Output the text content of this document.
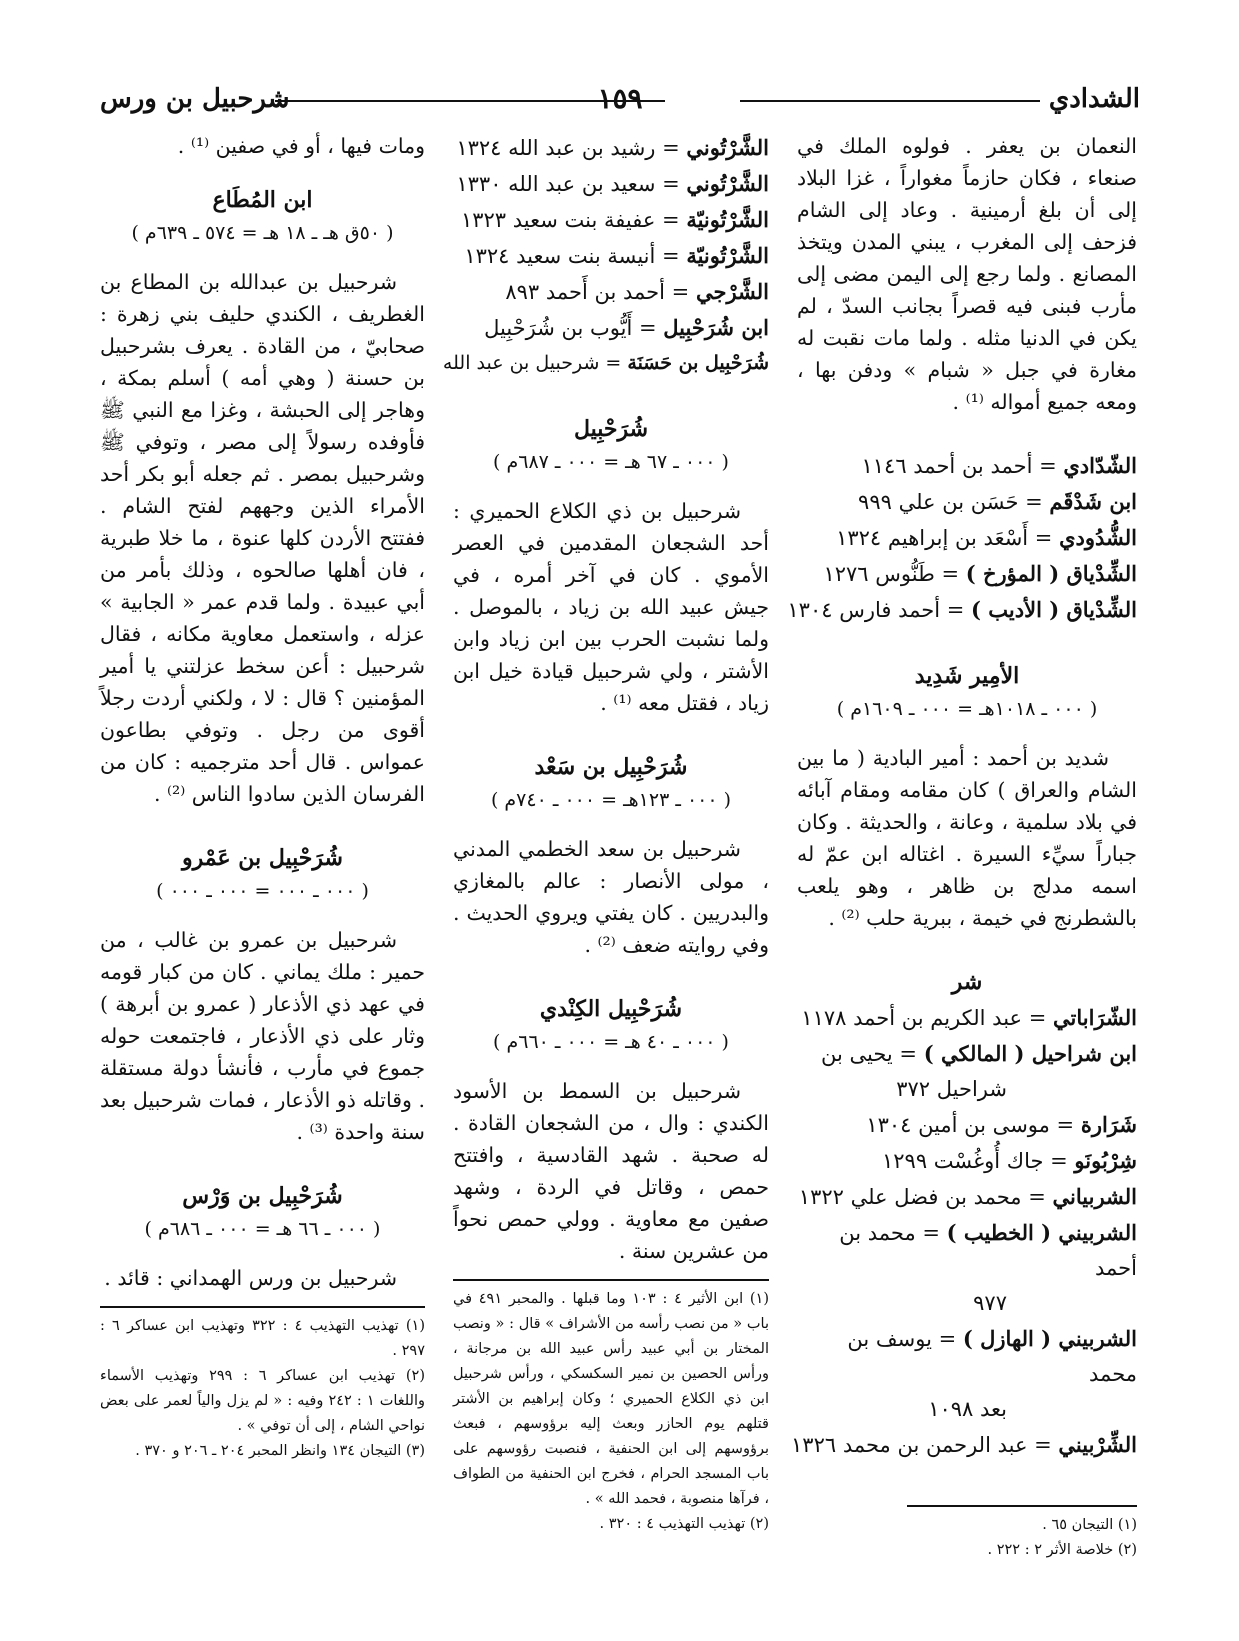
الشدادي
١٥٩
شرحبيل بن ورس

النعمان بن يعفر . فولوه الملك في صنعاء ، فكان حازماً مغواراً ، غزا البلاد إلى أن بلغ أرمينية . وعاد إلى الشام فزحف إلى المغرب ، يبني المدن ويتخذ المصانع . ولما رجع إلى اليمن مضى إلى مأرب فبنى فيه قصراً بجانب السدّ ، لم يكن في الدنيا مثله . ولما مات نقبت له مغارة في جبل « شبام » ودفن بها ، ومعه جميع أمواله ⁽¹⁾ .

الشّدّادي = أحمد بن أحمد ١١٤٦

ابن شَدْقَم = حَسَن بن علي ٩٩٩

الشُّدُودي = أَسْعَد بن إبراهيم ١٣٢٤

الشِّدْياق ( المؤرخ ) = طَنُّوس ١٢٧٦

الشِّدْياق ( الأديب ) = أحمد فارس ١٣٠٤

الأمِير شَدِيد

( ٠٠٠ ـ ١٠١٨هـ = ٠٠٠ ـ ١٦٠٩م )

شديد بن أحمد : أمير البادية ( ما بين الشام والعراق ) كان مقامه ومقام آبائه في بلاد سلمية ، وعانة ، والحديثة . وكان جباراً سيِّء السيرة . اغتاله ابن عمّ له اسمه مدلج بن ظاهر ، وهو يلعب بالشطرنج في خيمة ، ببرية حلب ⁽²⁾ .

شر

الشّرَاباتي = عبد الكريم بن أحمد ١١٧٨

ابن شراحيل ( المالكي ) = يحيى بن
شراحيل ٣٧٢

شَرَارة = موسى بن أمين ١٣٠٤

شِرْبُونَو = جاك أُوغُسْت ١٢٩٩

الشربياني = محمد بن فضل علي ١٣٢٢

الشربيني ( الخطيب ) = محمد بن أحمد
٩٧٧

الشربيني ( الهازل ) = يوسف بن محمد
بعد ١٠٩٨

الشِّرْبيني = عبد الرحمن بن محمد ١٣٢٦

(١) التيجان ٦٥ .

(٢) خلاصة الأثر ٢ : ٢٢٢ .

الشَّرْتُوني = رشيد بن عبد الله ١٣٢٤

الشَّرْتُوني = سعيد بن عبد الله ١٣٣٠

الشَّرْتُونيّة = عفيفة بنت سعيد ١٣٢٣

الشَّرْتُونيّة = أنيسة بنت سعيد ١٣٢٤

الشَّرْجي = أحمد بن أَحمد ٨٩٣

ابن شُرَحْبِيل = أَيُّوب بن شُرَحْبِيل

شُرَحْبِيل بن حَسَنَة = شرحبيل بن عبد الله

شُرَحْبِيل

( ٠٠٠ ـ ٦٧ هـ = ٠٠٠ ـ ٦٨٧م )

شرحبيل بن ذي الكلاع الحميري : أحد الشجعان المقدمين في العصر الأموي . كان في آخر أمره ، في جيش عبيد الله بن زياد ، بالموصل . ولما نشبت الحرب بين ابن زياد وابن الأشتر ، ولي شرحبيل قيادة خيل ابن زياد ، فقتل معه ⁽¹⁾ .

شُرَحْبِيل بن سَعْد

( ٠٠٠ ـ ١٢٣هـ = ٠٠٠ ـ ٧٤٠م )

شرحبيل بن سعد الخطمي المدني ، مولى الأنصار : عالم بالمغازي والبدريين . كان يفتي ويروي الحديث . وفي روايته ضعف ⁽²⁾ .

شُرَحْبِيل الكِنْدي

( ٠٠٠ ـ ٤٠ هـ = ٠٠٠ ـ ٦٦٠م )

شرحبيل بن السمط بن الأسود الكندي : وال ، من الشجعان القادة . له صحبة . شهد القادسية ، وافتتح حمص ، وقاتل في الردة ، وشهد صفين مع معاوية . وولي حمص نحواً من عشرين سنة .

(١) ابن الأثير ٤ : ١٠٣ وما قبلها . والمحبر ٤٩١ في باب « من نصب رأسه من الأشراف » قال : « ونصب المختار بن أبي عبيد رأس عبيد الله بن مرجانة ، ورأس الحصين بن نمير السكسكي ، ورأس شرحبيل ابن ذي الكلاع الحميري ؛ وكان إبراهيم بن الأشتر قتلهم يوم الحازر وبعث إليه برؤوسهم ، فبعث برؤوسهم إلى ابن الحنفية ، فنصبت رؤوسهم على باب المسجد الحرام ، فخرج ابن الحنفية من الطواف ، فرآها منصوبة ، فحمد الله » .

(٢) تهذيب التهذيب ٤ : ٣٢٠ .

ومات فيها ، أو في صفين ⁽¹⁾ .

ابن المُطَاع

( ٥٠ق هـ ـ ١٨ هـ = ٥٧٤ ـ ٦٣٩م )

شرحبيل بن عبدالله بن المطاع بن الغطريف ، الكندي حليف بني زهرة : صحابيّ ، من القادة . يعرف بشرحبيل بن حسنة ( وهي أمه ) أسلم بمكة ، وهاجر إلى الحبشة ، وغزا مع النبي ﷺ فأوفده رسولاً إلى مصر ، وتوفي ﷺ وشرحبيل بمصر . ثم جعله أبو بكر أحد الأمراء الذين وجههم لفتح الشام . ففتتح الأردن كلها عنوة ، ما خلا طبرية ، فان أهلها صالحوه ، وذلك بأمر من أبي عبيدة . ولما قدم عمر « الجابية » عزله ، واستعمل معاوية مكانه ، فقال شرحبيل : أعن سخط عزلتني يا أمير المؤمنين ؟ قال : لا ، ولكني أردت رجلاً أقوى من رجل . وتوفي بطاعون عمواس . قال أحد مترجميه : كان من الفرسان الذين سادوا الناس ⁽²⁾ .

شُرَحْبِيل بن عَمْرو

( ٠٠٠ ـ ٠٠٠ = ٠٠٠ ـ ٠٠٠ )

شرحبيل بن عمرو بن غالب ، من حمير : ملك يماني . كان من كبار قومه في عهد ذي الأذعار ( عمرو بن أبرهة ) وثار على ذي الأذعار ، فاجتمعت حوله جموع في مأرب ، فأنشأ دولة مستقلة . وقاتله ذو الأذعار ، فمات شرحبيل بعد سنة واحدة ⁽³⁾ .

شُرَحْبِيل بن وَرْس

( ٠٠٠ ـ ٦٦ هـ = ٠٠٠ ـ ٦٨٦م )

شرحبيل بن ورس الهمداني : قائد .

(١) تهذيب التهذيب ٤ : ٣٢٢ وتهذيب ابن عساكر ٦ : ٢٩٧ .

(٢) تهذيب ابن عساكر ٦ : ٢٩٩ وتهذيب الأسماء واللغات ١ : ٢٤٢ وفيه : « لم يزل والياً لعمر على بعض نواحي الشام ، إلى أن توفي » .

(٣) التيجان ١٣٤ وانظر المحبر ٢٠٤ ـ ٢٠٦ و ٣٧٠ .
